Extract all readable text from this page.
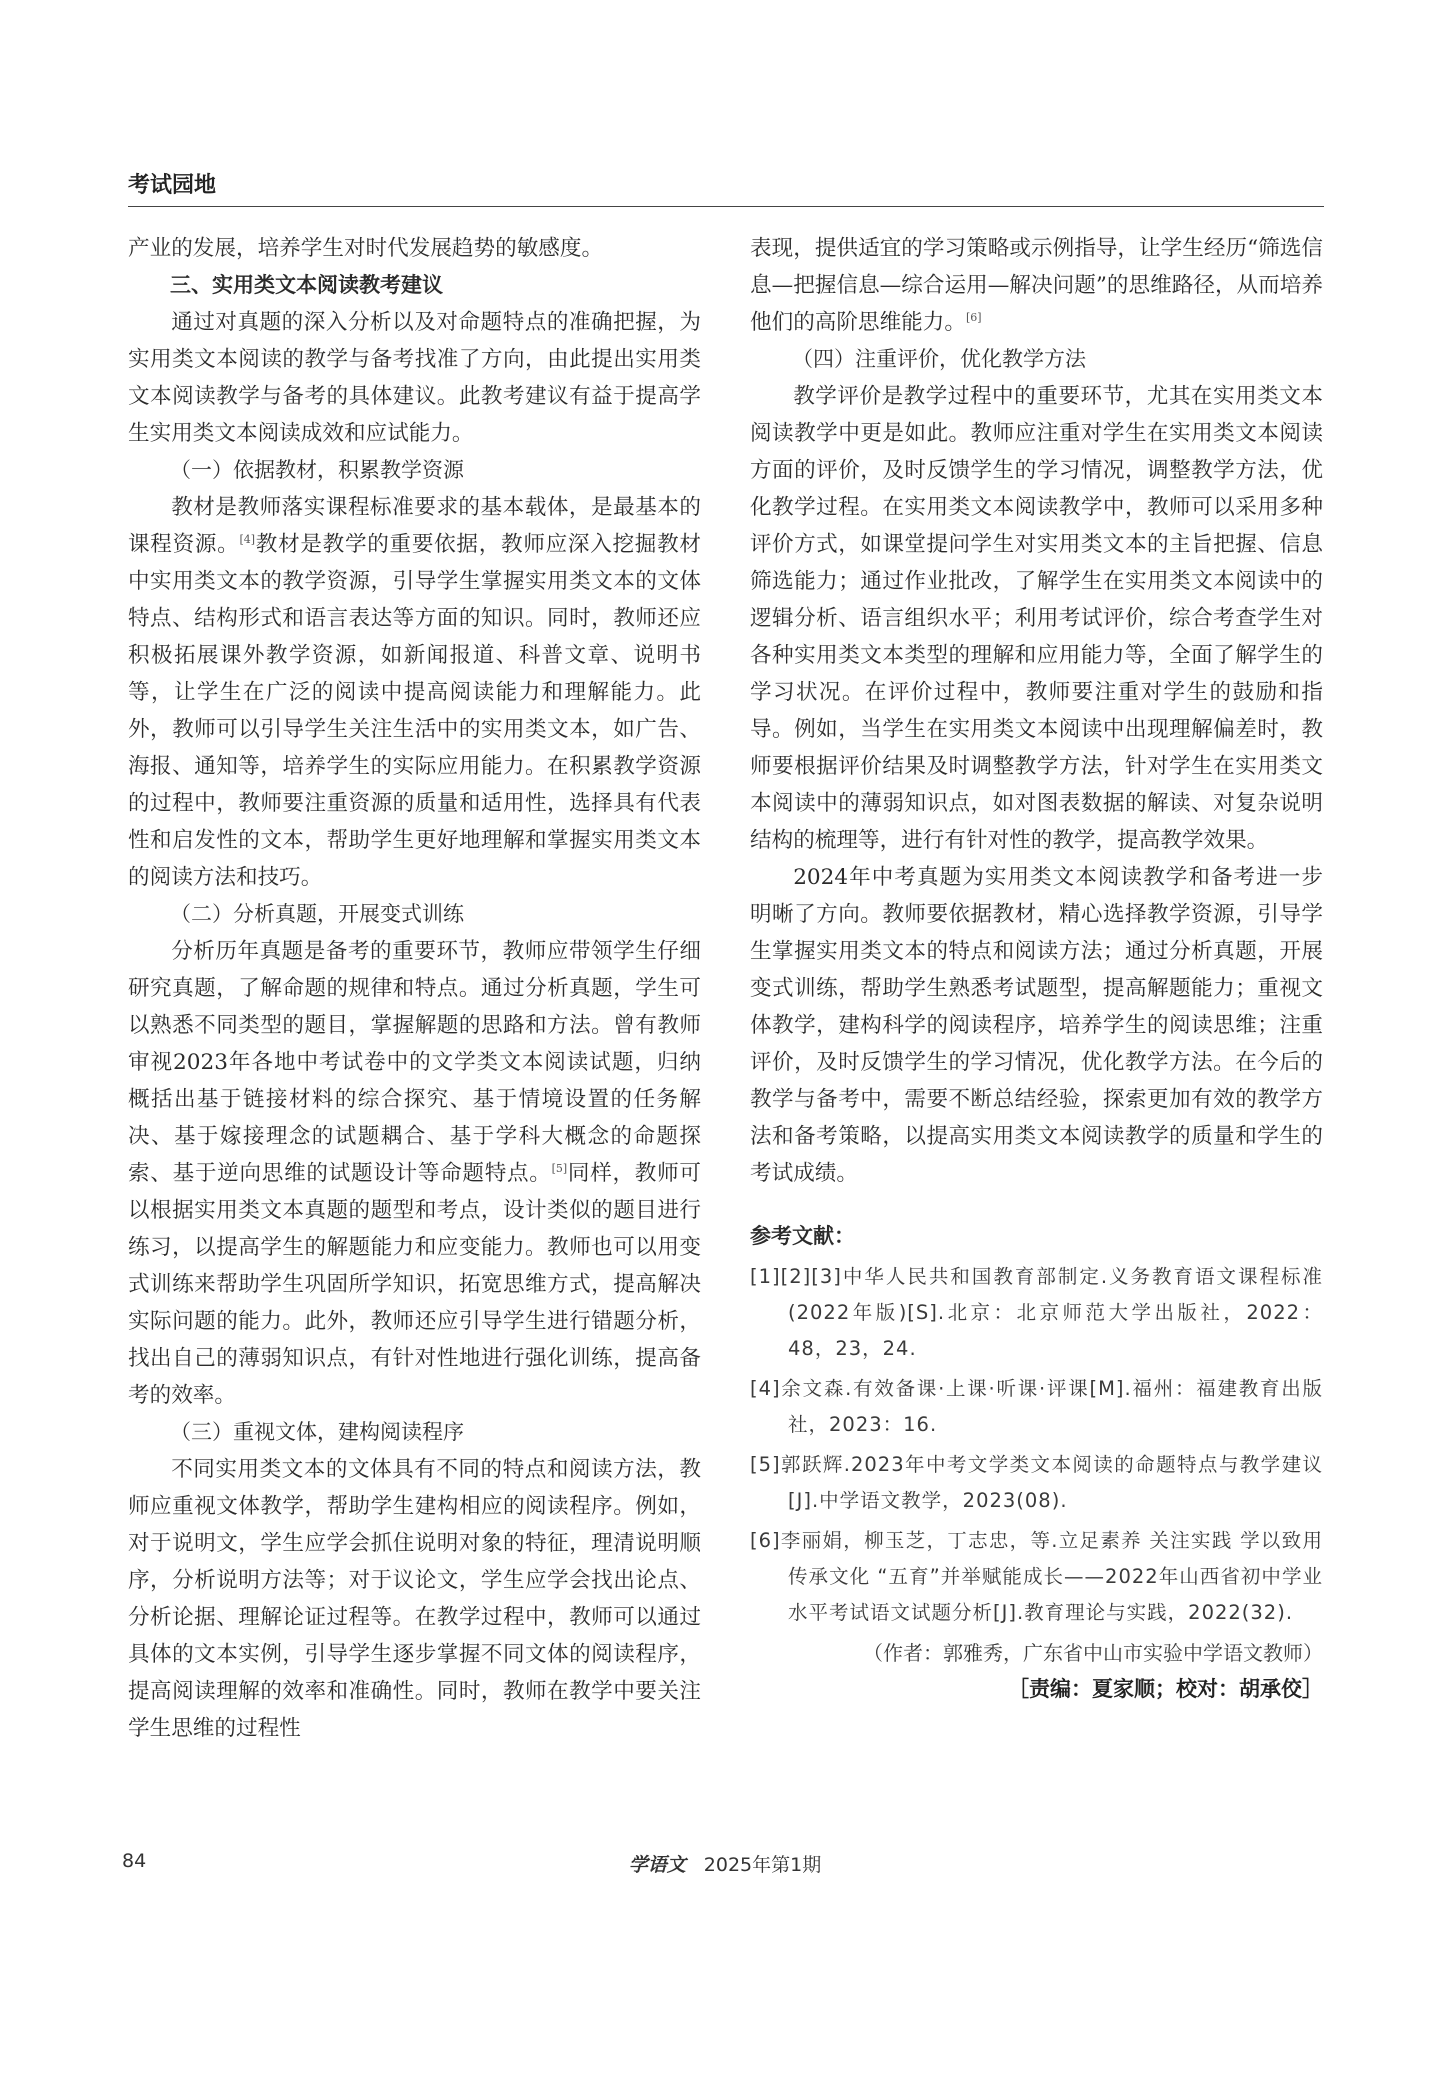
考试园地

产业的发展，培养学生对时代发展趋势的敏感度。

三、实用类文本阅读教考建议

通过对真题的深入分析以及对命题特点的准确把握，为实用类文本阅读的教学与备考找准了方向，由此提出实用类文本阅读教学与备考的具体建议。此教考建议有益于提高学生实用类文本阅读成效和应试能力。

（一）依据教材，积累教学资源

教材是教师落实课程标准要求的基本载体，是最基本的课程资源。[4]教材是教学的重要依据，教师应深入挖掘教材中实用类文本的教学资源，引导学生掌握实用类文本的文体特点、结构形式和语言表达等方面的知识。同时，教师还应积极拓展课外教学资源，如新闻报道、科普文章、说明书等，让学生在广泛的阅读中提高阅读能力和理解能力。此外，教师可以引导学生关注生活中的实用类文本，如广告、海报、通知等，培养学生的实际应用能力。在积累教学资源的过程中，教师要注重资源的质量和适用性，选择具有代表性和启发性的文本，帮助学生更好地理解和掌握实用类文本的阅读方法和技巧。

（二）分析真题，开展变式训练

分析历年真题是备考的重要环节，教师应带领学生仔细研究真题，了解命题的规律和特点。通过分析真题，学生可以熟悉不同类型的题目，掌握解题的思路和方法。曾有教师审视2023年各地中考试卷中的文学类文本阅读试题，归纳概括出基于链接材料的综合探究、基于情境设置的任务解决、基于嫁接理念的试题耦合、基于学科大概念的命题探索、基于逆向思维的试题设计等命题特点。[5]同样，教师可以根据实用类文本真题的题型和考点，设计类似的题目进行练习，以提高学生的解题能力和应变能力。教师也可以用变式训练来帮助学生巩固所学知识，拓宽思维方式，提高解决实际问题的能力。此外，教师还应引导学生进行错题分析，找出自己的薄弱知识点，有针对性地进行强化训练，提高备考的效率。

（三）重视文体，建构阅读程序

不同实用类文本的文体具有不同的特点和阅读方法，教师应重视文体教学，帮助学生建构相应的阅读程序。例如，对于说明文，学生应学会抓住说明对象的特征，理清说明顺序，分析说明方法等；对于议论文，学生应学会找出论点、分析论据、理解论证过程等。在教学过程中，教师可以通过具体的文本实例，引导学生逐步掌握不同文体的阅读程序，提高阅读理解的效率和准确性。同时，教师在教学中要关注学生思维的过程性

表现，提供适宜的学习策略或示例指导，让学生经历“筛选信息—把握信息—综合运用—解决问题”的思维路径，从而培养他们的高阶思维能力。[6]

（四）注重评价，优化教学方法

教学评价是教学过程中的重要环节，尤其在实用类文本阅读教学中更是如此。教师应注重对学生在实用类文本阅读方面的评价，及时反馈学生的学习情况，调整教学方法，优化教学过程。在实用类文本阅读教学中，教师可以采用多种评价方式，如课堂提问学生对实用类文本的主旨把握、信息筛选能力；通过作业批改，了解学生在实用类文本阅读中的逻辑分析、语言组织水平；利用考试评价，综合考查学生对各种实用类文本类型的理解和应用能力等，全面了解学生的学习状况。在评价过程中，教师要注重对学生的鼓励和指导。例如，当学生在实用类文本阅读中出现理解偏差时，教师要根据评价结果及时调整教学方法，针对学生在实用类文本阅读中的薄弱知识点，如对图表数据的解读、对复杂说明结构的梳理等，进行有针对性的教学，提高教学效果。

2024年中考真题为实用类文本阅读教学和备考进一步明晰了方向。教师要依据教材，精心选择教学资源，引导学生掌握实用类文本的特点和阅读方法；通过分析真题，开展变式训练，帮助学生熟悉考试题型，提高解题能力；重视文体教学，建构科学的阅读程序，培养学生的阅读思维；注重评价，及时反馈学生的学习情况，优化教学方法。在今后的教学与备考中，需要不断总结经验，探索更加有效的教学方法和备考策略，以提高实用类文本阅读教学的质量和学生的考试成绩。

参考文献：

[1][2][3]中华人民共和国教育部制定.义务教育语文课程标准(2022年版)[S].北京：北京师范大学出版社，2022：48，23，24.

[4]余文森.有效备课·上课·听课·评课[M].福州：福建教育出版社，2023：16.

[5]郭跃辉.2023年中考文学类文本阅读的命题特点与教学建议[J].中学语文教学，2023(08).

[6]李丽娟，柳玉芝，丁志忠，等.立足素养 关注实践 学以致用 传承文化 “五育”并举赋能成长——2022年山西省初中学业水平考试语文试题分析[J].教育理论与实践，2022(32).

（作者：郭雅秀，广东省中山市实验中学语文教师）

［责编：夏家顺；校对：胡承佼］

84	学语文 2025年第1期
